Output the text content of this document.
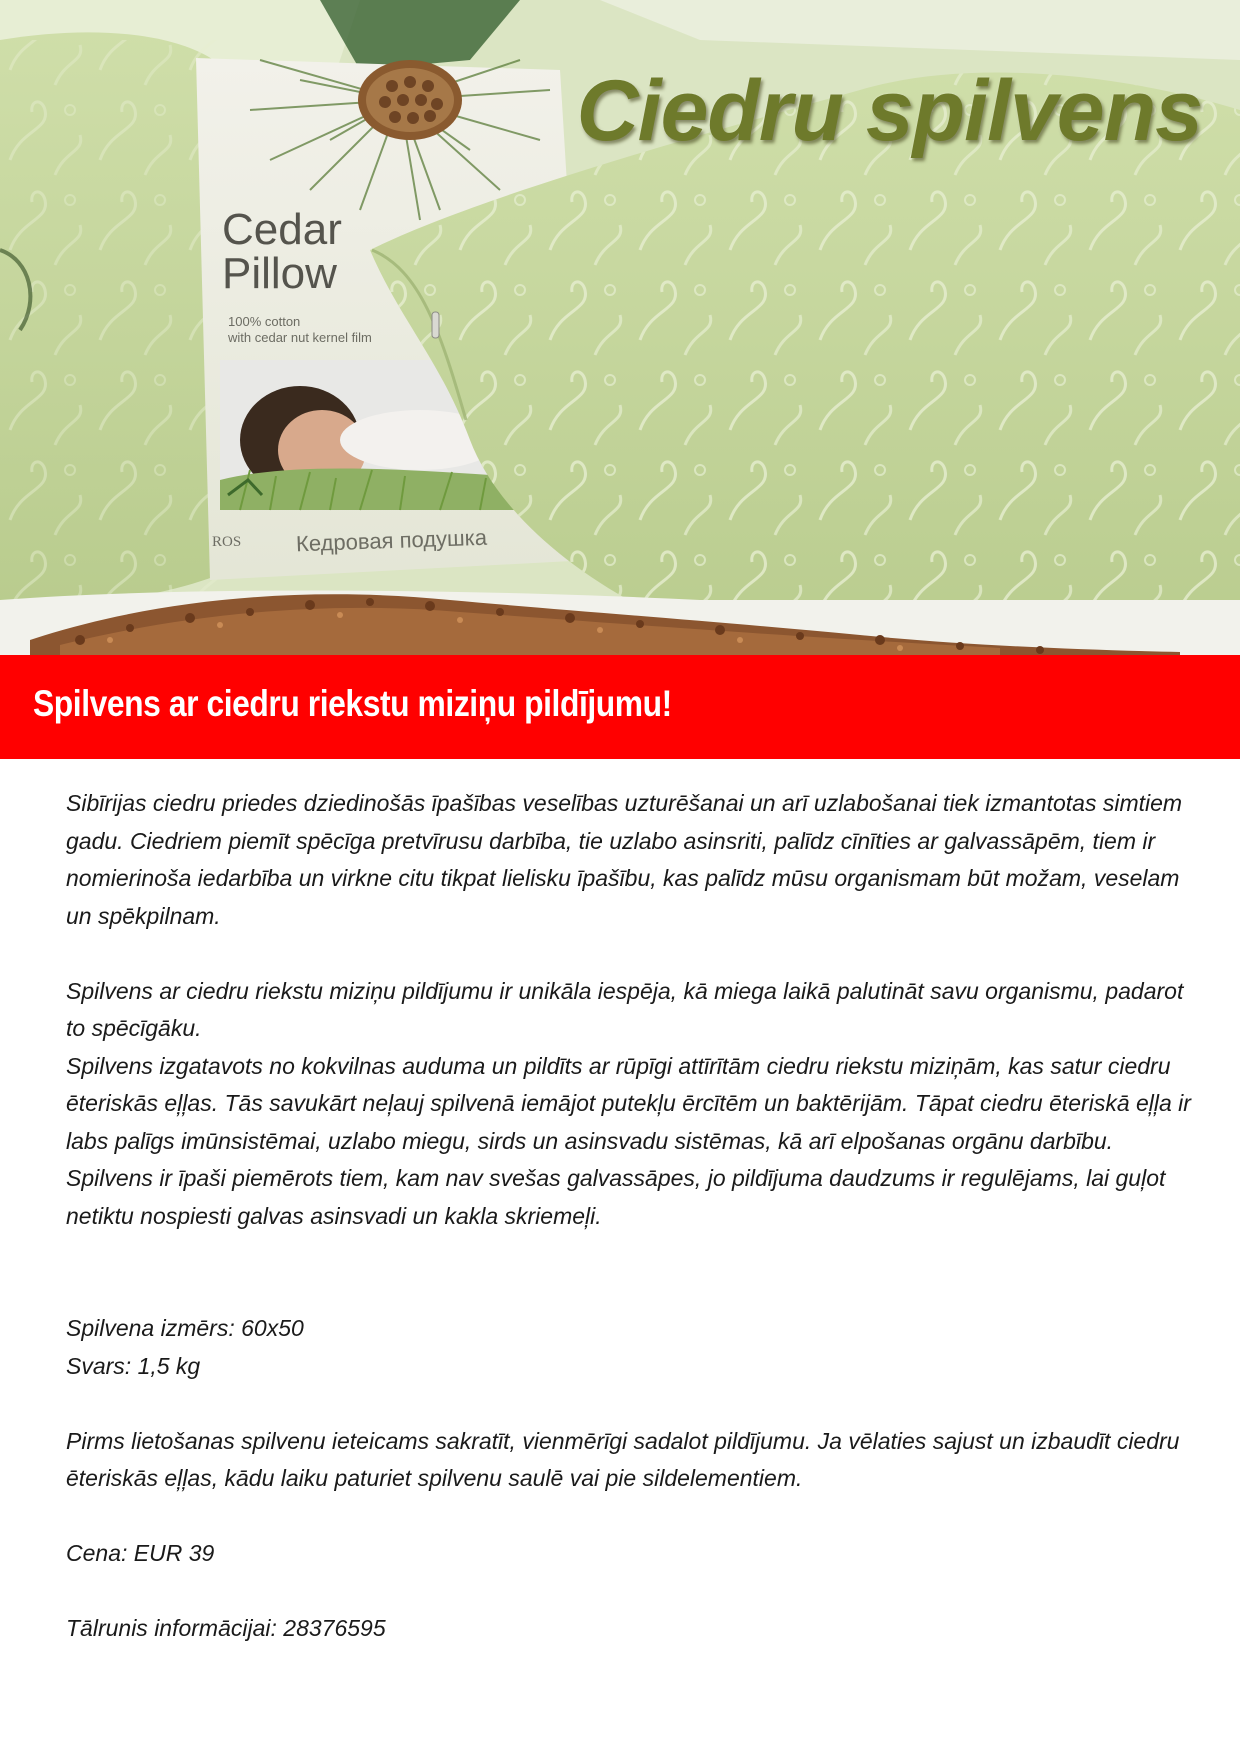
Cedar
Pillow
100% cotton
with cedar nut kernel film
ROS Кедровая подушка
Ciedru spilvens
Spilvens ar ciedru riekstu miziņu pildījumu!

Sibīrijas ciedru priedes dziedinošās īpašības veselības uzturēšanai un arī uzlabošanai tiek izmantotas simtiem gadu. Ciedriem piemīt spēcīga pretvīrusu darbība, tie uzlabo asinsriti, palīdz cīnīties ar galvassāpēm, tiem ir nomierinoša iedarbība un virkne citu tikpat lielisku īpašību, kas palīdz mūsu organismam būt možam, veselam un spēkpilnam.

Spilvens ar ciedru riekstu miziņu pildījumu ir unikāla iespēja, kā miega laikā palutināt savu organismu, padarot to spēcīgāku.

Spilvens izgatavots no kokvilnas auduma un pildīts ar rūpīgi attīrītām ciedru riekstu miziņām, kas satur ciedru ēteriskās eļļas. Tās savukārt neļauj spilvenā iemājot putekļu ērcītēm un baktērijām. Tāpat ciedru ēteriskā eļļa ir labs palīgs imūnsistēmai, uzlabo miegu, sirds un asinsvadu sistēmas, kā arī elpošanas orgānu darbību.

Spilvens ir īpaši piemērots tiem, kam nav svešas galvassāpes, jo pildījuma daudzums ir regulējams, lai guļot netiktu nospiesti galvas asinsvadi un kakla skriemeļi.

Spilvena izmērs: 60x50

Svars: 1,5 kg

Pirms lietošanas spilvenu ieteicams sakratīt, vienmērīgi sadalot pildījumu. Ja vēlaties sajust un izbaudīt ciedru ēteriskās eļļas, kādu laiku paturiet spilvenu saulē vai pie sildelementiem.

Cena: EUR 39

Tālrunis informācijai: 28376595
